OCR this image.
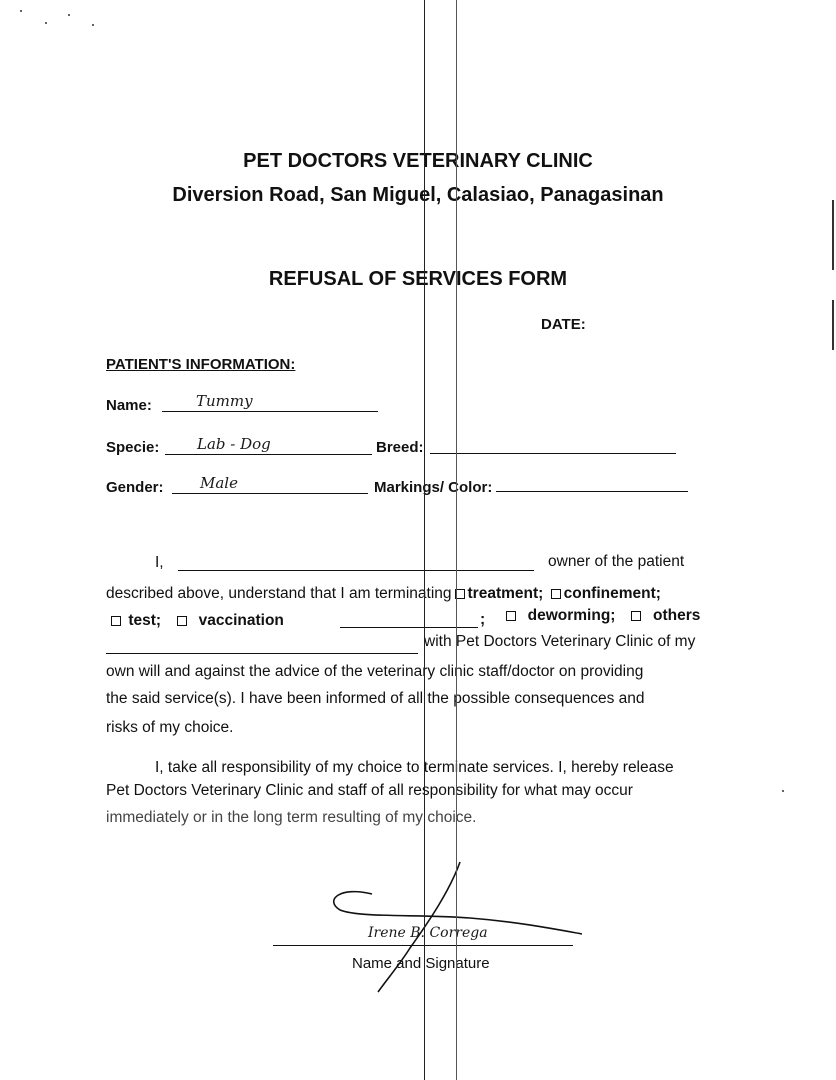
PET DOCTORS VETERINARY CLINIC
Diversion Road, San Miguel, Calasiao, Panagasinan
REFUSAL OF SERVICES FORM
DATE:
PATIENT'S INFORMATION:
Name:	Tummy
Specie:	Lab - Dog	Breed:
Gender: Male	Markings/ Color:
I,	owner of the patient
described above, understand that I am terminating treatment; confinement;
test; vaccination	;	deworming; others
with Pet Doctors Veterinary Clinic of my
own will and against the advice of the veterinary clinic staff/doctor on providing
the said service(s). I have been informed of all the possible consequences and
risks of my choice.
I, take all responsibility of my choice to terminate services. I, hereby release
Pet Doctors Veterinary Clinic and staff of all responsibility for what may occur
immediately or in the long term resulting of my choice.
Irene B. Correga
Name and Signature
